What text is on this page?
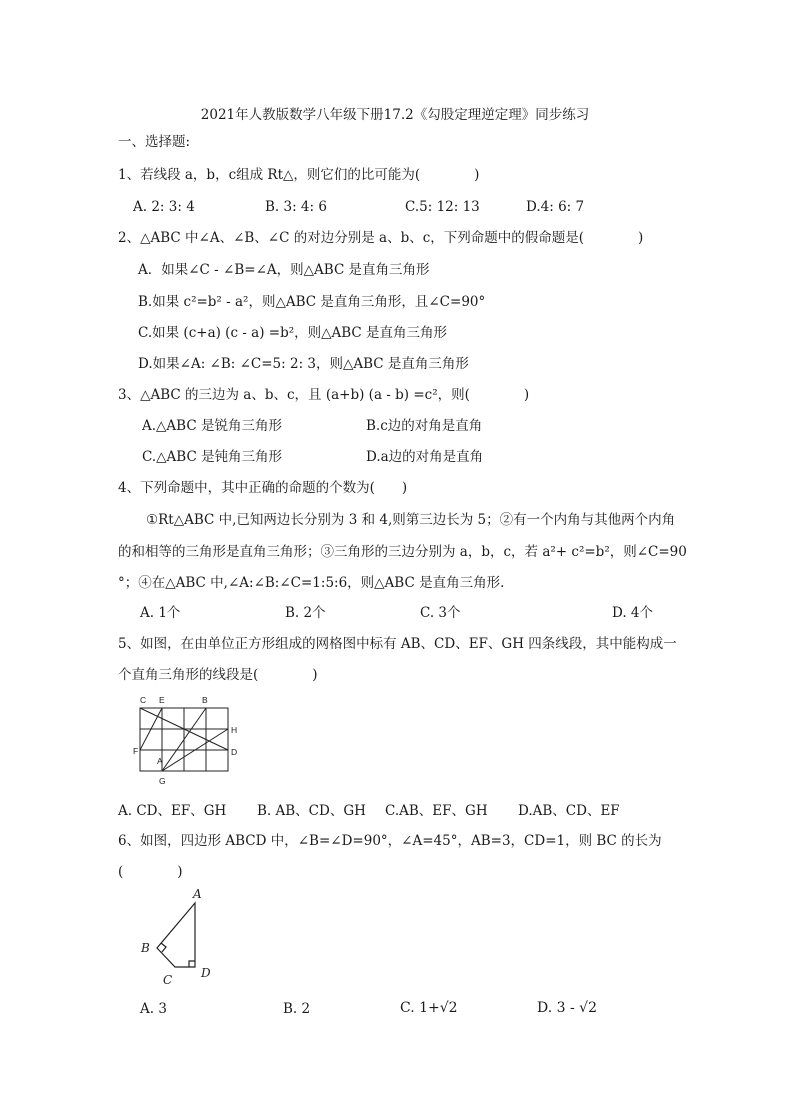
2021年人教版数学八年级下册17.2《勾股定理逆定理》同步练习
一、选择题:
1、若线段 a，b，c组成 Rt△，则它们的比可能为(　　　　)
A. 2: 3: 4	B. 3: 4: 6	C.5: 12: 13	D.4: 6: 7
2、△ABC 中∠A、∠B、∠C 的对边分别是 a、b、c，下列命题中的假命题是(　　　　)
A．如果∠C - ∠B=∠A，则△ABC 是直角三角形
B.如果 c²=b² - a²，则△ABC 是直角三角形，且∠C=90°
C.如果 (c+a) (c - a) =b²，则△ABC 是直角三角形
D.如果∠A: ∠B: ∠C=5: 2: 3，则△ABC 是直角三角形
3、△ABC 的三边为 a、b、c，且 (a+b) (a - b) =c²，则(　　　　)
A.△ABC 是锐角三角形	B.c边的对角是直角
C.△ABC 是钝角三角形	D.a边的对角是直角
4、下列命题中，其中正确的命题的个数为(　　)
①Rt△ABC 中,已知两边长分别为 3 和 4,则第三边长为 5；②有一个内角与其他两个内角
的和相等的三角形是直角三角形；③三角形的三边分别为 a，b，c，若 a²+ c²=b²，则∠C=90
°；④在△ABC 中,∠A:∠B:∠C=1:5:6，则△ABC 是直角三角形.
A. 1个	B. 2个	C. 3个	D. 4个
5、如图，在由单位正方形组成的网格图中标有 AB、CD、EF、GH 四条线段，其中能构成一
个直角三角形的线段是(　　　　)
C E	B
H
F
A
D
G
A. CD、EF、GH B. AB、CD、GH C.AB、EF、GH D.AB、CD、EF
6、如图，四边形 ABCD 中，∠B=∠D=90°，∠A=45°，AB=3，CD=1，则 BC 的长为
(　　　　)
A
B
C D
A. 3	B. 2	C. 1+√2	D. 3 - √2
